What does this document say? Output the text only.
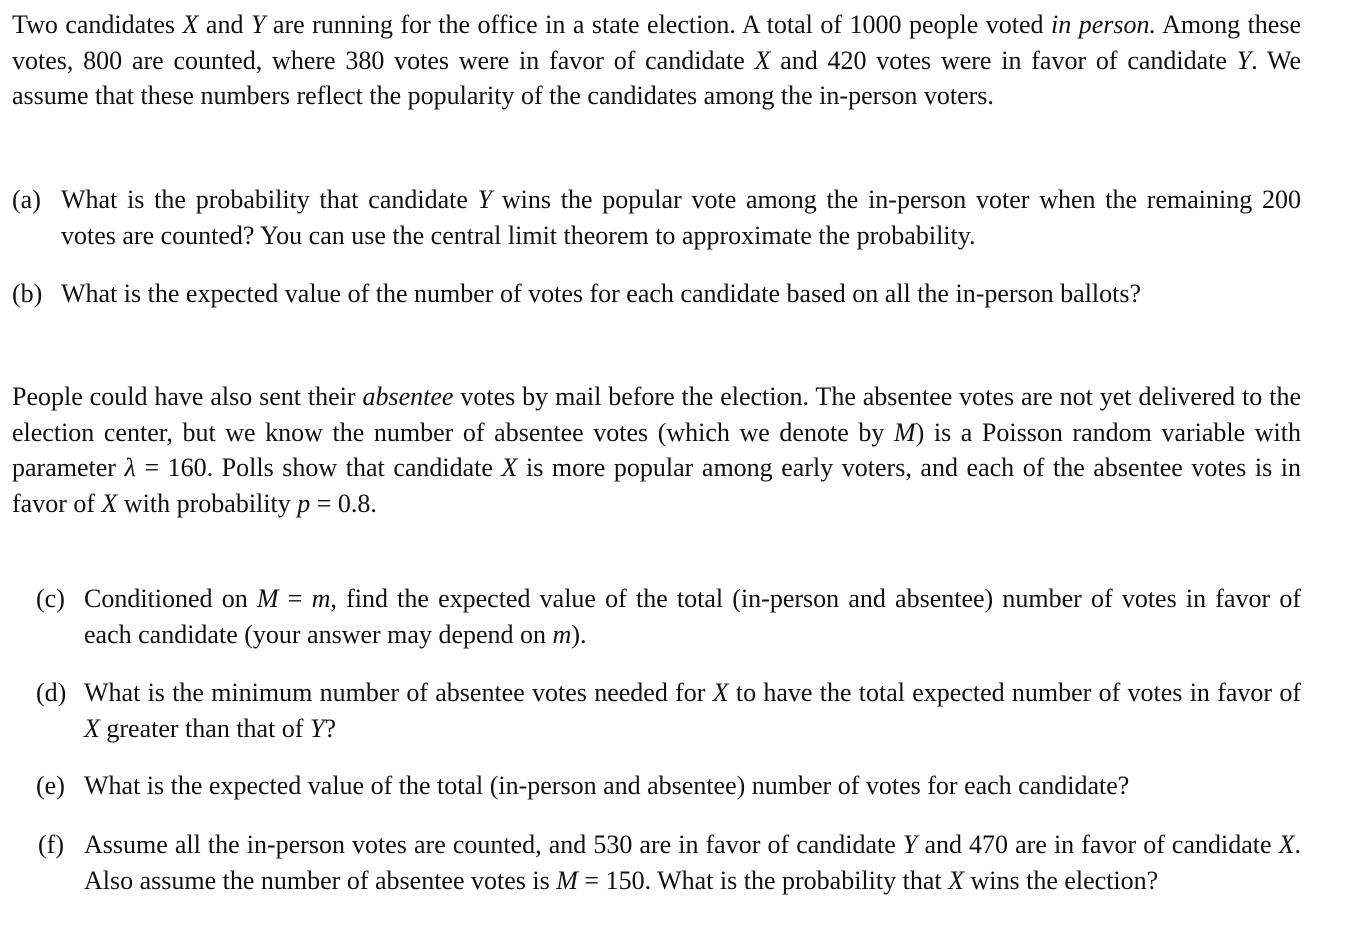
Two candidates X and Y are running for the office in a state election. A total of 1000 people voted in person. Among these votes, 800 are counted, where 380 votes were in favor of candidate X and 420 votes were in favor of candidate Y. We assume that these numbers reflect the popularity of the candidates among the in-person voters.

(a) What is the probability that candidate Y wins the popular vote among the in-person voter when the remaining 200 votes are counted? You can use the central limit theorem to approximate the probability.

(b) What is the expected value of the number of votes for each candidate based on all the in-person ballots?

People could have also sent their absentee votes by mail before the election. The absentee votes are not yet delivered to the election center, but we know the number of absentee votes (which we denote by M) is a Poisson random variable with parameter λ = 160. Polls show that candidate X is more popular among early voters, and each of the absentee votes is in favor of X with probability p = 0.8.

(c) Conditioned on M = m, find the expected value of the total (in-person and absentee) number of votes in favor of each candidate (your answer may depend on m).

(d) What is the minimum number of absentee votes needed for X to have the total expected number of votes in favor of X greater than that of Y?

(e) What is the expected value of the total (in-person and absentee) number of votes for each candidate?

(f) Assume all the in-person votes are counted, and 530 are in favor of candidate Y and 470 are in favor of candidate X. Also assume the number of absentee votes is M = 150. What is the probability that X wins the election?
